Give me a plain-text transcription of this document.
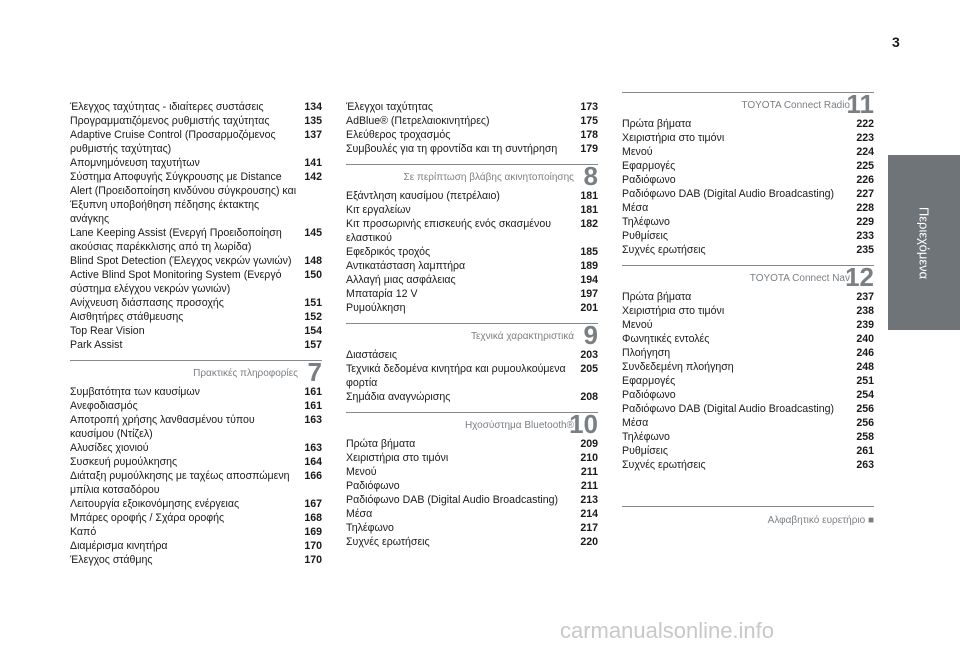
3
Περιεχόμενα
Έλεγχος ταχύτητας - ιδιαίτερες συστάσεις	134
Προγραμματιζόμενος ρυθμιστής ταχύτητας	135
Adaptive Cruise Control (Προσαρμοζόμενος ρυθμιστής ταχύτητας)
137
Απομνημόνευση ταχυτήτων	141
Σύστημα Αποφυγής Σύγκρουσης με Distance Alert (Προειδοποίηση κινδύνου σύγκρουσης) και Έξυπνη υποβοήθηση πέδησης έκτακτης ανάγκης
142
Lane Keeping Assist (Ενεργή Προειδοποίηση ακούσιας παρέκκλισης από τη λωρίδα)
145
Blind Spot Detection (Έλεγχος νεκρών γωνιών)	148
Active Blind Spot Monitoring System (Ενεργό σύστημα ελέγχου νεκρών γωνιών)
150
Ανίχνευση διάσπασης προσοχής	151
Αισθητήρες στάθμευσης	152
Top Rear Vision	154
Park Assist	157
Πρακτικές πληροφορίες 7
Συμβατότητα των καυσίμων	161
Ανεφοδιασμός	161
Αποτροπή χρήσης λανθασμένου τύπου καυσίμου (Ντίζελ)
163
Αλυσίδες χιονιού	163
Συσκευή ρυμούλκησης	164
Διάταξη ρυμούλκησης με ταχέως αποσπώμενη μπίλια κοτσαδόρου
166
Λειτουργία εξοικονόμησης ενέργειας	167
Μπάρες οροφής / Σχάρα οροφής	168
Καπό	169
Διαμέρισμα κινητήρα	170
Έλεγχος στάθμης	170
Έλεγχοι ταχύτητας	173
AdBlue® (Πετρελαιοκινητήρες)	175
Ελεύθερος τροχασμός	178
Συμβουλές για τη φροντίδα και τη συντήρηση	179
Σε περίπτωση βλάβης ακινητοποίησης 8
Εξάντληση καυσίμου (πετρέλαιο)	181
Κιτ εργαλείων	181
Κιτ προσωρινής επισκευής ενός σκασμένου ελαστικού
182
Εφεδρικός τροχός	185
Αντικατάσταση λαμπτήρα	189
Αλλαγή μιας ασφάλειας	194
Μπαταρία 12 V	197
Ρυμούλκηση	201
Τεχνικά χαρακτηριστικά 9
Διαστάσεις	203
Τεχνικά δεδομένα κινητήρα και ρυμουλκούμενα φορτία
205
Σημάδια αναγνώρισης	208
Ηχοσύστημα Bluetooth®
10
Πρώτα βήματα	209
Χειριστήρια στο τιμόνι	210
Μενού	211
Ραδιόφωνο	211
Ραδιόφωνο DAB (Digital Audio Broadcasting)	213
Μέσα	214
Τηλέφωνο	217
Συχνές ερωτήσεις	220
TOYOTA Connect Radio
11
Πρώτα βήματα	222
Χειριστήρια στο τιμόνι	223
Μενού	224
Εφαρμογές	225
Ραδιόφωνο	226
Ραδιόφωνο DAB (Digital Audio Broadcasting)	227
Μέσα	228
Τηλέφωνο	229
Ρυθμίσεις	233
Συχνές ερωτήσεις	235
TOYOTA Connect Nav
12
Πρώτα βήματα	237
Χειριστήρια στο τιμόνι	238
Μενού	239
Φωνητικές εντολές	240
Πλοήγηση	246
Συνδεδεμένη πλοήγηση	248
Εφαρμογές	251
Ραδιόφωνο	254
Ραδιόφωνο DAB (Digital Audio Broadcasting)	256
Μέσα	256
Τηλέφωνο	258
Ρυθμίσεις	261
Συχνές ερωτήσεις	263
Αλφαβητικό ευρετήριο ■
carmanualsonline.info
